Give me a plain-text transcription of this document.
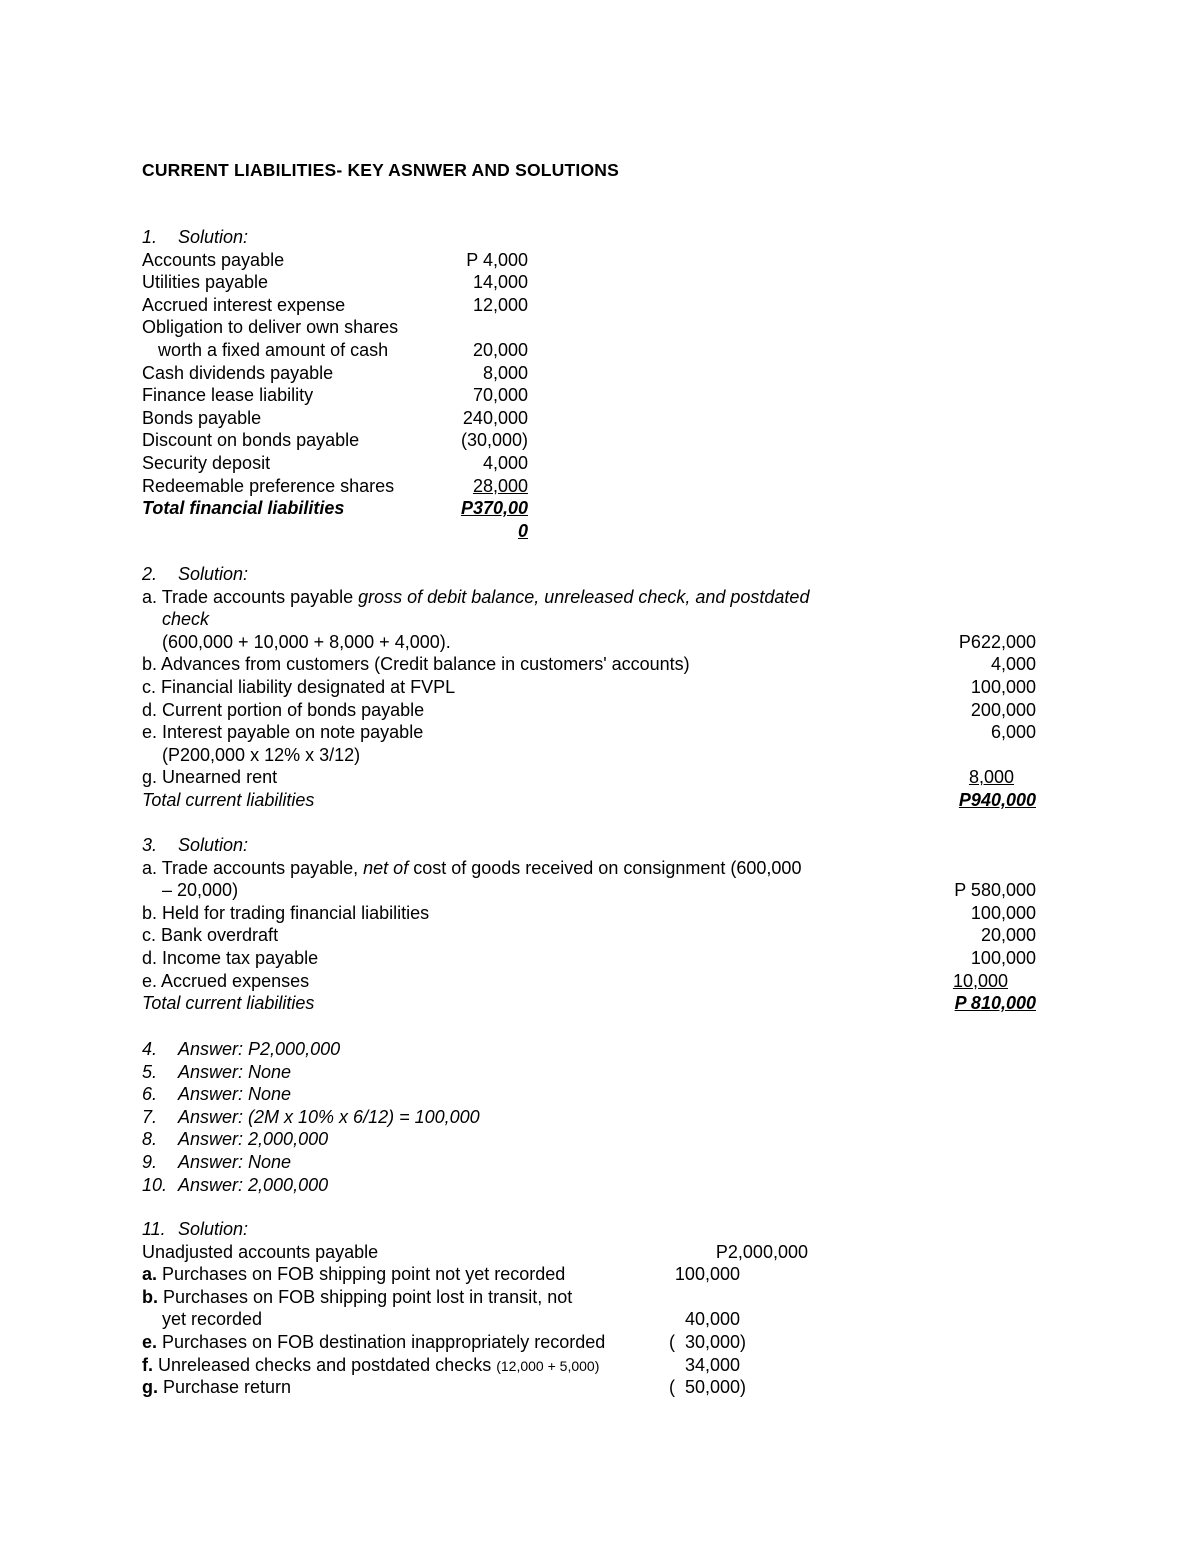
CURRENT LIABILITIES- KEY ASNWER AND SOLUTIONS
1. Solution:
Accounts payable	P 4,000
Utilities payable	14,000
Accrued interest expense	12,000
Obligation to deliver own shares
worth a fixed amount of cash	20,000
Cash dividends payable	8,000
Finance lease liability	70,000
Bonds payable	240,000
Discount on bonds payable	(30,000)
Security deposit	4,000
Redeemable preference shares	28,000
Total financial liabilities	P370,00
0
2. Solution:
a. Trade accounts payable gross of debit balance, unreleased check, and postdated
check
(600,000 + 10,000 + 8,000 + 4,000).	P622,000
b. Advances from customers (Credit balance in customers' accounts)	4,000
c. Financial liability designated at FVPL	100,000
d. Current portion of bonds payable	200,000
e. Interest payable on note payable	6,000
(P200,000 x 12% x 3/12)
g. Unearned rent	8,000
Total current liabilities	P940,000
3. Solution:
a. Trade accounts payable, net of cost of goods received on consignment (600,000
– 20,000)	P 580,000
b. Held for trading financial liabilities	100,000
c. Bank overdraft	20,000
d. Income tax payable	100,000
e. Accrued expenses	10,000
Total current liabilities	P 810,000
4. Answer: P2,000,000
5. Answer: None
6. Answer: None
7. Answer: (2M x 10% x 6/12) = 100,000
8. Answer: 2,000,000
9. Answer: None
10. Answer: 2,000,000
11. Solution:
Unadjusted accounts payable	P2,000,000
a. Purchases on FOB shipping point not yet recorded	100,000
b. Purchases on FOB shipping point lost in transit, not
yet recorded	40,000
e. Purchases on FOB destination inappropriately recorded	(  30,000)
f. Unreleased checks and postdated checks (12,000 + 5,000)	34,000
g. Purchase return	(  50,000)
